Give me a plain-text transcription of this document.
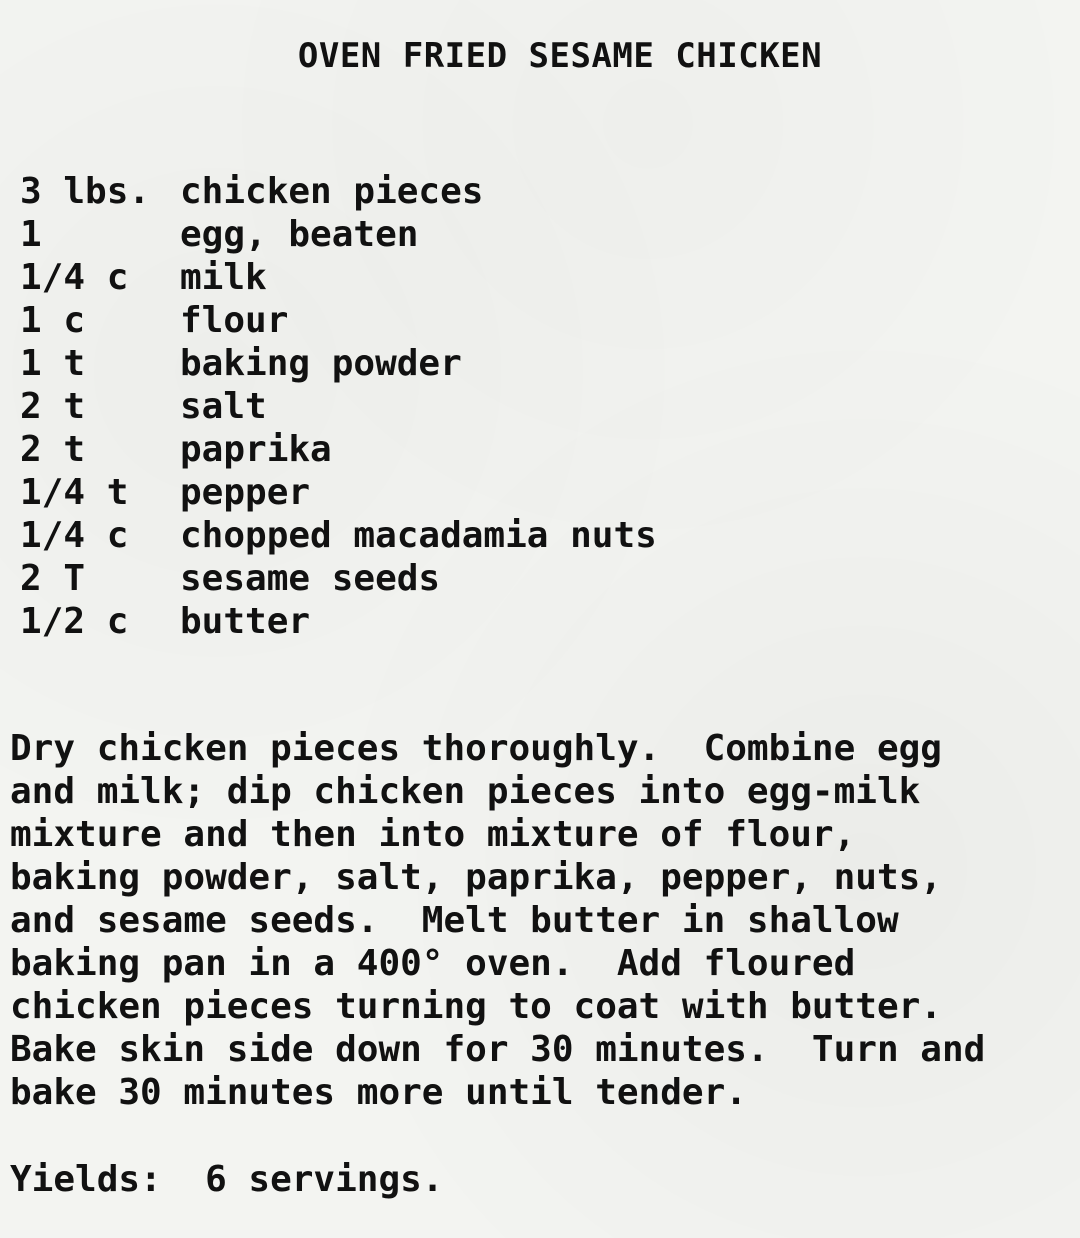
OVEN FRIED SESAME CHICKEN
3 lbs. chicken pieces
1	egg, beaten
1/4 c	milk
1 c	flour
1 t	baking powder
2 t	salt
2 t	paprika
1/4 t	pepper
1/4 c	chopped macadamia nuts
2 T	sesame seeds
1/2 c	butter
Dry chicken pieces thoroughly.  Combine egg
and milk; dip chicken pieces into egg-milk
mixture and then into mixture of flour,
baking powder, salt, paprika, pepper, nuts,
and sesame seeds.  Melt butter in shallow
baking pan in a 400° oven.  Add floured
chicken pieces turning to coat with butter.
Bake skin side down for 30 minutes.  Turn and
bake 30 minutes more until tender.
Yields:  6 servings.
